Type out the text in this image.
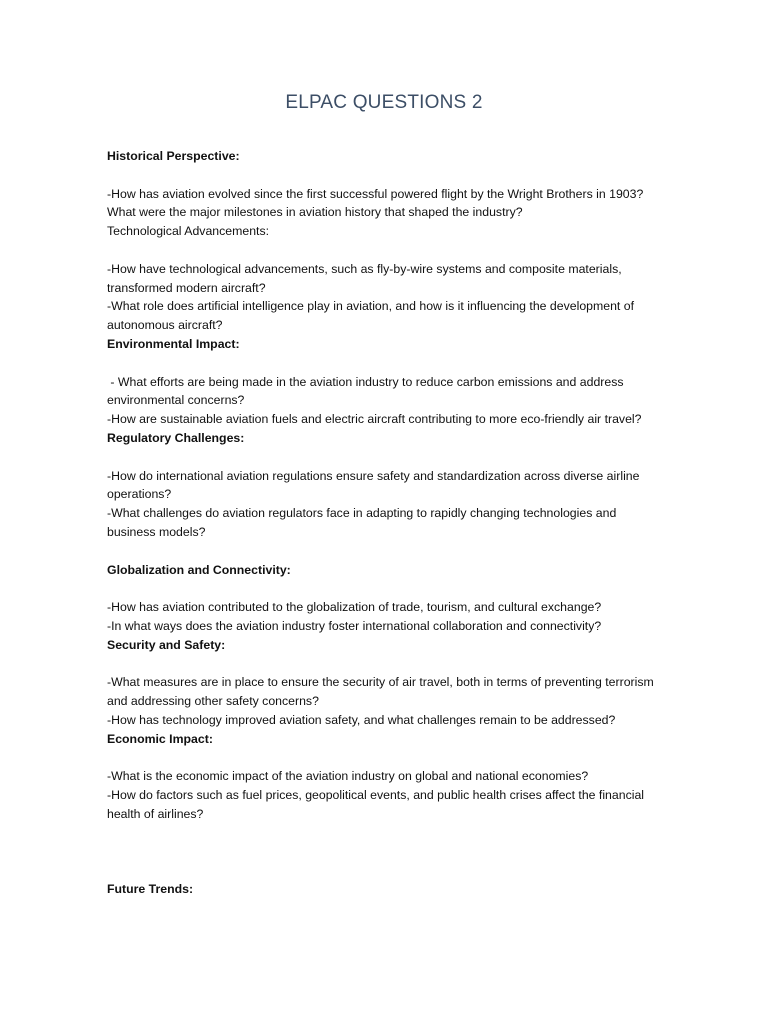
ELPAC QUESTIONS 2

Historical Perspective:

-How has aviation evolved since the first successful powered flight by the Wright Brothers in 1903? What were the major milestones in aviation history that shaped the industry?

Technological Advancements:

-How have technological advancements, such as fly-by-wire systems and composite materials, transformed modern aircraft?

-What role does artificial intelligence play in aviation, and how is it influencing the development of autonomous aircraft?

Environmental Impact:

- What efforts are being made in the aviation industry to reduce carbon emissions and address environmental concerns?

-How are sustainable aviation fuels and electric aircraft contributing to more eco-friendly air travel?

Regulatory Challenges:

-How do international aviation regulations ensure safety and standardization across diverse airline operations?

-What challenges do aviation regulators face in adapting to rapidly changing technologies and business models?

Globalization and Connectivity:

-How has aviation contributed to the globalization of trade, tourism, and cultural exchange?

-In what ways does the aviation industry foster international collaboration and connectivity?

Security and Safety:

-What measures are in place to ensure the security of air travel, both in terms of preventing terrorism and addressing other safety concerns?

-How has technology improved aviation safety, and what challenges remain to be addressed?

Economic Impact:

-What is the economic impact of the aviation industry on global and national economies?

-How do factors such as fuel prices, geopolitical events, and public health crises affect the financial health of airlines?

Future Trends:
